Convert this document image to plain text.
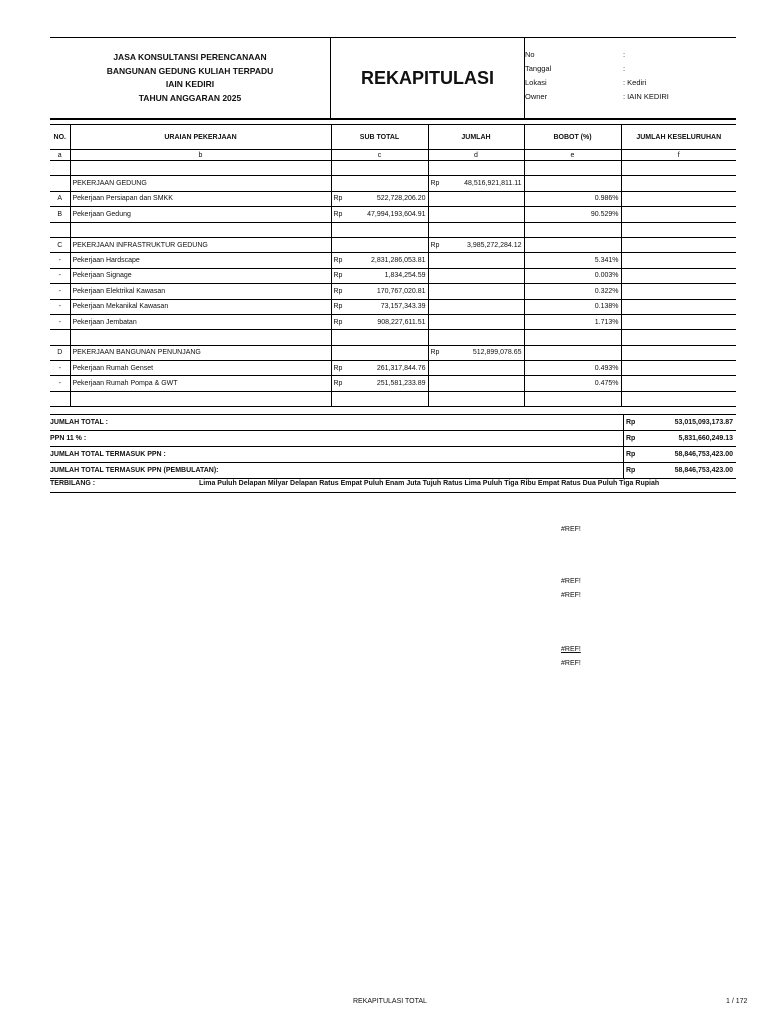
JASA KONSULTANSI PERENCANAAN
BANGUNAN GEDUNG KULIAH TERPADU
IAIN KEDIRI
TAHUN ANGGARAN 2025
REKAPITULASI
No	:
Tanggal	:
Lokasi	: Kediri
Owner	: IAIN KEDIRI
NO.	URAIAN PEKERJAAN	SUB TOTAL	JUMLAH	BOBOT (%)	JUMLAH KESELURUHAN
a	b	c	d	e	f

	PEKERJAAN GEDUNG		Rp 48,516,921,811.11		

A	Pekerjaan Persiapan dan SMKK	Rp 522,728,206.20		0.986%	
B	Pekerjaan Gedung	Rp 47,994,193,604.91		90.529%	

C	PEKERJAAN INFRASTRUKTUR GEDUNG		Rp 3,985,272,284.12		

-	Pekerjaan Hardscape	Rp 2,831,286,053.81		5.341%	
-	Pekerjaan Signage	Rp 1,834,254.59		0.003%	
-	Pekerjaan Elektrikal Kawasan	Rp 170,767,020.81		0.322%	
-	Pekerjaan Mekanikal Kawasan	Rp 73,157,343.39		0.138%	
-	Pekerjaan Jembatan	Rp 908,227,611.51		1.713%	

D	PEKERJAAN BANGUNAN PENUNJANG		Rp 512,899,078.65		

-	Pekerjaan Rumah Genset	Rp 261,317,844.76		0.493%	
-	Pekerjaan Rumah Pompa & GWT	Rp 251,581,233.89		0.475%	

JUMLAH TOTAL :	Rp	53,015,093,173.87
PPN 11 % :	Rp	5,831,660,249.13
JUMLAH TOTAL TERMASUK PPN :	Rp	58,846,753,423.00
JUMLAH TOTAL TERMASUK PPN (PEMBULATAN):	Rp	58,846,753,423.00
TERBILANG :	Lima Puluh Delapan Milyar Delapan Ratus Empat Puluh Enam Juta Tujuh Ratus Lima Puluh Tiga Ribu Empat Ratus Dua Puluh Tiga Rupiah
#REF!
#REF!
#REF!
#REF!
#REF!
REKAPITULASI TOTAL	1 / 172
